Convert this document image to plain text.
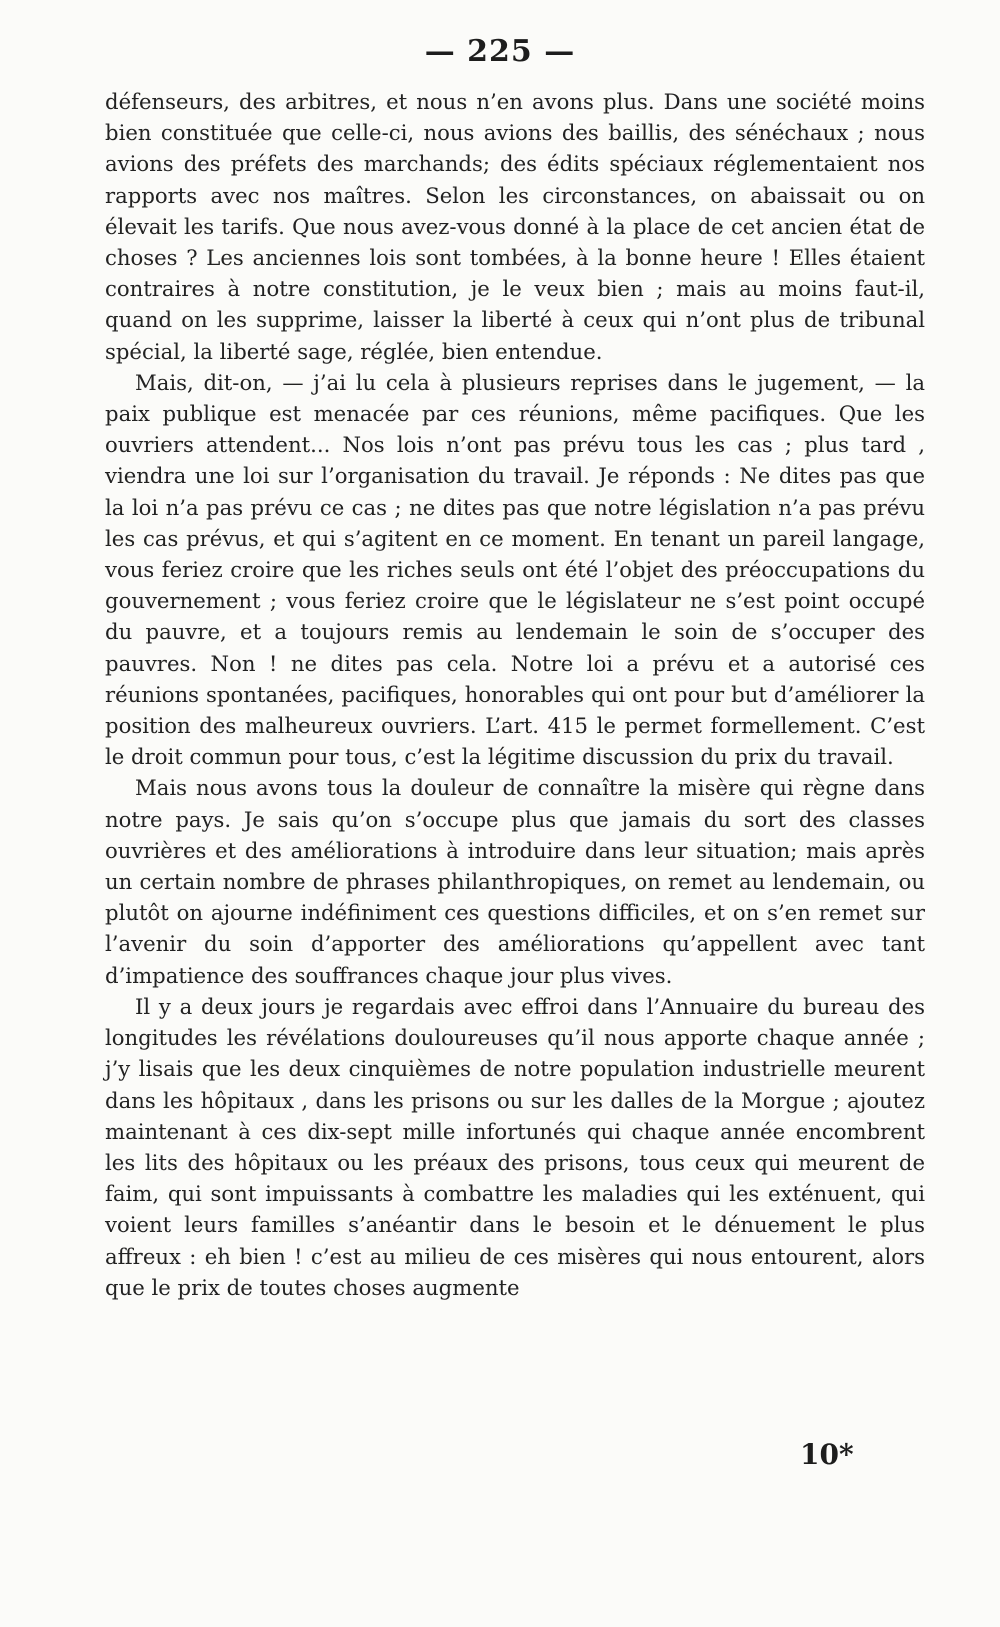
— 225 —

défenseurs, des arbitres, et nous n’en avons plus. Dans une société moins bien constituée que celle-ci, nous avions des baillis, des sénéchaux ; nous avions des préfets des marchands; des édits spéciaux réglementaient nos rapports avec nos maîtres. Selon les circonstances, on abaissait ou on élevait les tarifs. Que nous avez-vous donné à la place de cet ancien état de choses ? Les anciennes lois sont tombées, à la bonne heure ! Elles étaient contraires à notre constitution, je le veux bien ; mais au moins faut-il, quand on les supprime, laisser la liberté à ceux qui n’ont plus de tribunal spécial, la liberté sage, réglée, bien entendue.

Mais, dit-on, — j’ai lu cela à plusieurs reprises dans le jugement, — la paix publique est menacée par ces réunions, même pacifiques. Que les ouvriers attendent... Nos lois n’ont pas prévu tous les cas ; plus tard , viendra une loi sur l’organisation du travail. Je réponds : Ne dites pas que la loi n’a pas prévu ce cas ; ne dites pas que notre législation n’a pas prévu les cas prévus, et qui s’agitent en ce moment. En tenant un pareil langage, vous feriez croire que les riches seuls ont été l’objet des préoccupations du gouvernement ; vous feriez croire que le législateur ne s’est point occupé du pauvre, et a toujours remis au lendemain le soin de s’occuper des pauvres. Non ! ne dites pas cela. Notre loi a prévu et a autorisé ces réunions spontanées, pacifiques, honorables qui ont pour but d’améliorer la position des malheureux ouvriers. L’art. 415 le permet formellement. C’est le droit commun pour tous, c’est la légitime discussion du prix du travail.

Mais nous avons tous la douleur de connaître la misère qui règne dans notre pays. Je sais qu’on s’occupe plus que jamais du sort des classes ouvrières et des améliorations à introduire dans leur situation; mais après un certain nombre de phrases philanthropiques, on remet au lendemain, ou plutôt on ajourne indéfiniment ces questions difficiles, et on s’en remet sur l’avenir du soin d’apporter des améliorations qu’appellent avec tant d’impatience des souffrances chaque jour plus vives.

Il y a deux jours je regardais avec effroi dans l’Annuaire du bureau des longitudes les révélations douloureuses qu’il nous apporte chaque année ; j’y lisais que les deux cinquièmes de notre population industrielle meurent dans les hôpitaux , dans les prisons ou sur les dalles de la Morgue ; ajoutez maintenant à ces dix-sept mille infortunés qui chaque année encombrent les lits des hôpitaux ou les préaux des prisons, tous ceux qui meurent de faim, qui sont impuissants à combattre les maladies qui les exténuent, qui voient leurs familles s’anéantir dans le besoin et le dénuement le plus affreux : eh bien ! c’est au milieu de ces misères qui nous entourent, alors que le prix de toutes choses augmente

10*
